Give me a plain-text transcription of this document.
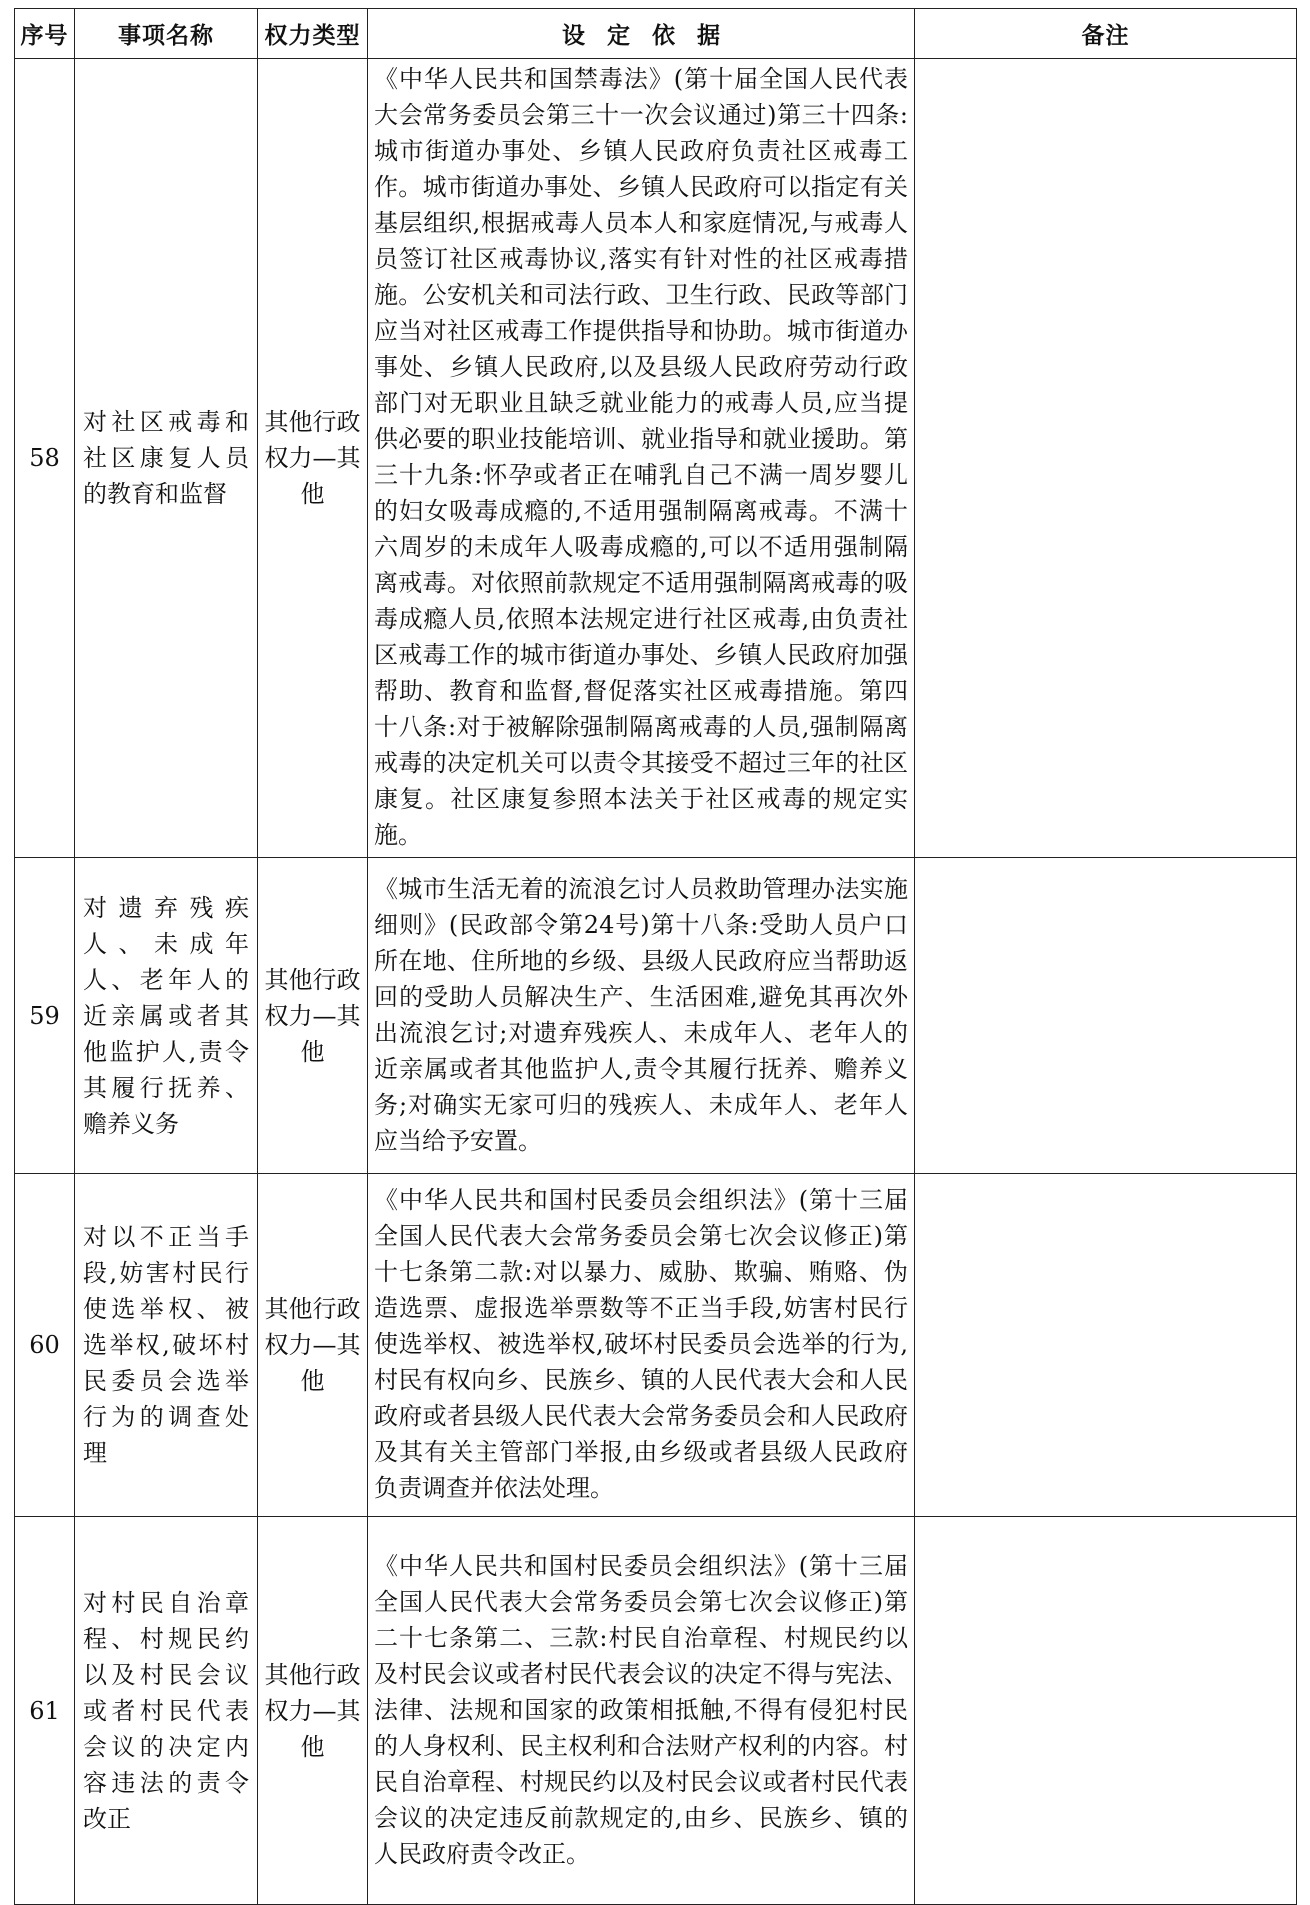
序号	事项名称	权力类型	设定依据	备注
58	对社区戒毒和社区康复人员的教育和监督	其他行政权力—其他	《中华人民共和国禁毒法》(第十届全国人民代表大会常务委员会第三十一次会议通过)第三十四条:城市街道办事处、乡镇人民政府负责社区戒毒工作。城市街道办事处、乡镇人民政府可以指定有关基层组织,根据戒毒人员本人和家庭情况,与戒毒人员签订社区戒毒协议,落实有针对性的社区戒毒措施。公安机关和司法行政、卫生行政、民政等部门应当对社区戒毒工作提供指导和协助。城市街道办事处、乡镇人民政府,以及县级人民政府劳动行政部门对无职业且缺乏就业能力的戒毒人员,应当提供必要的职业技能培训、就业指导和就业援助。第三十九条:怀孕或者正在哺乳自己不满一周岁婴儿的妇女吸毒成瘾的,不适用强制隔离戒毒。不满十六周岁的未成年人吸毒成瘾的,可以不适用强制隔离戒毒。对依照前款规定不适用强制隔离戒毒的吸毒成瘾人员,依照本法规定进行社区戒毒,由负责社区戒毒工作的城市街道办事处、乡镇人民政府加强帮助、教育和监督,督促落实社区戒毒措施。第四十八条:对于被解除强制隔离戒毒的人员,强制隔离戒毒的决定机关可以责令其接受不超过三年的社区康复。社区康复参照本法关于社区戒毒的规定实施。	
59	对遗弃残疾人、未成年人、老年人的近亲属或者其他监护人,责令其履行抚养、赡养义务	其他行政权力—其他	《城市生活无着的流浪乞讨人员救助管理办法实施细则》(民政部令第24号)第十八条:受助人员户口所在地、住所地的乡级、县级人民政府应当帮助返回的受助人员解决生产、生活困难,避免其再次外出流浪乞讨;对遗弃残疾人、未成年人、老年人的近亲属或者其他监护人,责令其履行抚养、赡养义务;对确实无家可归的残疾人、未成年人、老年人应当给予安置。	
60	对以不正当手段,妨害村民行使选举权、被选举权,破坏村民委员会选举行为的调查处理	其他行政权力—其他	《中华人民共和国村民委员会组织法》(第十三届全国人民代表大会常务委员会第七次会议修正)第十七条第二款:对以暴力、威胁、欺骗、贿赂、伪造选票、虚报选举票数等不正当手段,妨害村民行使选举权、被选举权,破坏村民委员会选举的行为,村民有权向乡、民族乡、镇的人民代表大会和人民政府或者县级人民代表大会常务委员会和人民政府及其有关主管部门举报,由乡级或者县级人民政府负责调查并依法处理。	
61	对村民自治章程、村规民约以及村民会议或者村民代表会议的决定内容违法的责令改正	其他行政权力—其他	《中华人民共和国村民委员会组织法》(第十三届全国人民代表大会常务委员会第七次会议修正)第二十七条第二、三款:村民自治章程、村规民约以及村民会议或者村民代表会议的决定不得与宪法、法律、法规和国家的政策相抵触,不得有侵犯村民的人身权利、民主权利和合法财产权利的内容。村民自治章程、村规民约以及村民会议或者村民代表会议的决定违反前款规定的,由乡、民族乡、镇的人民政府责令改正。	
